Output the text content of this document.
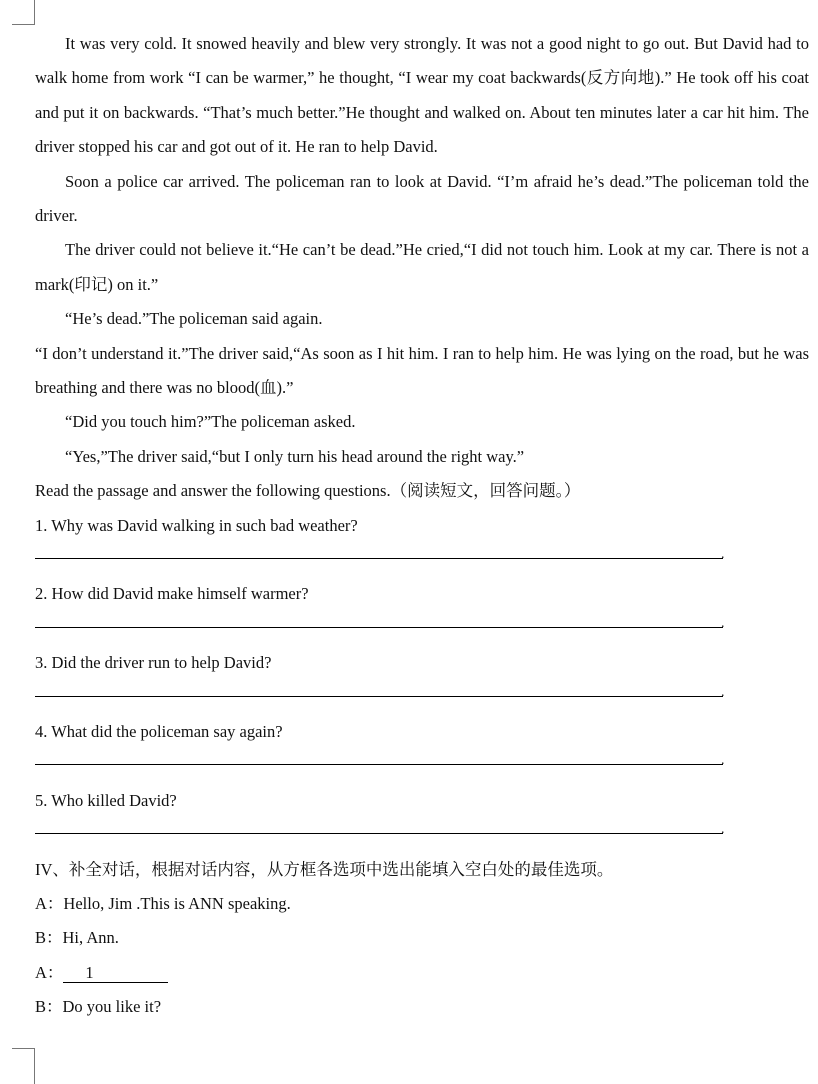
It was very cold. It snowed heavily and blew very strongly. It was not a good night to go out. But David had to walk home from work “I can be warmer,” he thought, “I wear my coat backwards(反方向地).” He took off his coat and put it on backwards. “That’s much better.”He thought and walked on. About ten minutes later a car hit him. The driver stopped his car and got out of it. He ran to help David.

Soon a police car arrived. The policeman ran to look at David. “I’m afraid he’s dead.”The policeman told the driver.

The driver could not believe it.“He can’t be dead.”He cried,“I did not touch him. Look at my car. There is not a mark(印记) on it.”

“He’s dead.”The policeman said again.

“I don’t understand it.”The driver said,“As soon as I hit him. I ran to help him. He was lying on the road, but he was breathing and there was no blood(血).”

“Did you touch him?”The policeman asked.

“Yes,”The driver said,“but I only turn his head around the right way.”

Read the passage and answer the following questions.（阅读短文，回答问题。）

1. Why was David walking in such bad weather?

.

2. How did David make himself warmer?

.

3. Did the driver run to help David?

.

4. What did the policeman say again?

.

5. Who killed David?

.

IV、补全对话，根据对话内容，从方框各选项中选出能填入空白处的最佳选项。

A：Hello, Jim .This is ANN speaking.

B：Hi, Ann.

A： 1

B：Do you like it?
